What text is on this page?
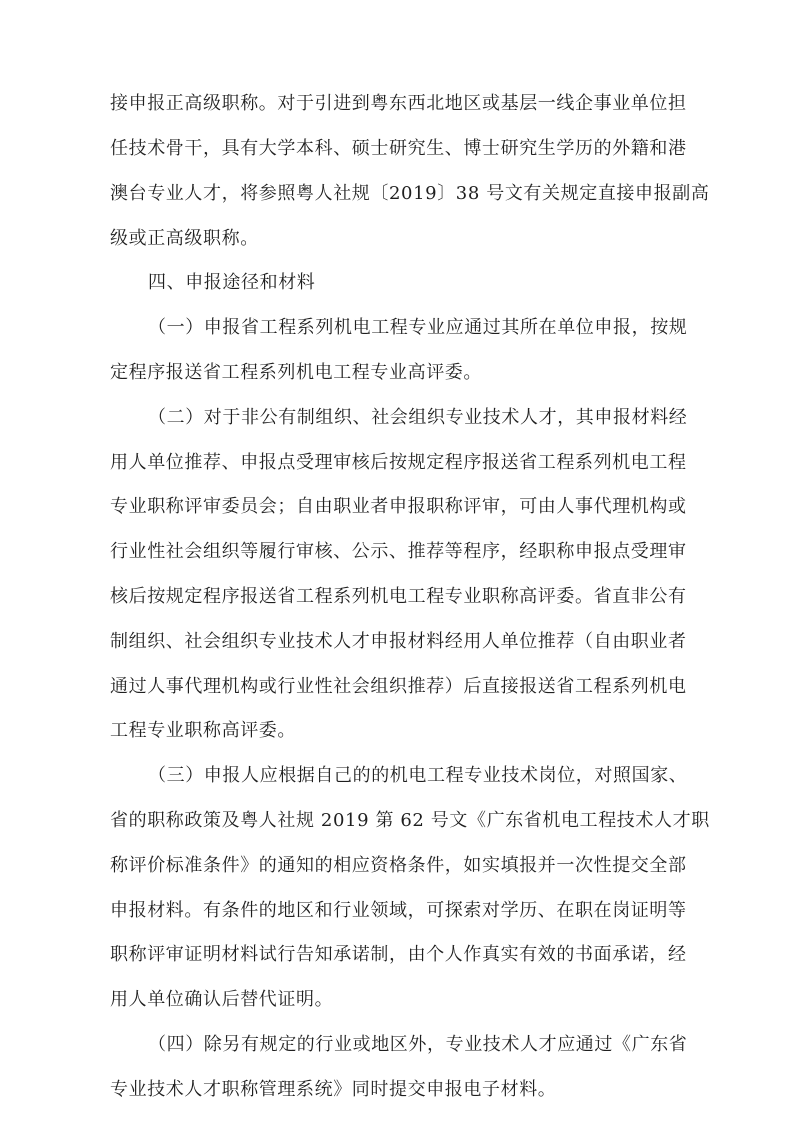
接申报正高级职称。对于引进到粤东西北地区或基层一线企事业单位担
任技术骨干，具有大学本科、硕士研究生、博士研究生学历的外籍和港
澳台专业人才，将参照粤人社规〔2019〕38 号文有关规定直接申报副高
级或正高级职称。
四、申报途径和材料
（一）申报省工程系列机电工程专业应通过其所在单位申报，按规
定程序报送省工程系列机电工程专业高评委。
（二）对于非公有制组织、社会组织专业技术人才，其申报材料经
用人单位推荐、申报点受理审核后按规定程序报送省工程系列机电工程
专业职称评审委员会；自由职业者申报职称评审，可由人事代理机构或
行业性社会组织等履行审核、公示、推荐等程序，经职称申报点受理审
核后按规定程序报送省工程系列机电工程专业职称高评委。省直非公有
制组织、社会组织专业技术人才申报材料经用人单位推荐（自由职业者
通过人事代理机构或行业性社会组织推荐）后直接报送省工程系列机电
工程专业职称高评委。
（三）申报人应根据自己的的机电工程专业技术岗位，对照国家、
省的职称政策及粤人社规 2019 第 62 号文《广东省机电工程技术人才职
称评价标准条件》的通知的相应资格条件，如实填报并一次性提交全部
申报材料。有条件的地区和行业领域，可探索对学历、在职在岗证明等
职称评审证明材料试行告知承诺制，由个人作真实有效的书面承诺，经
用人单位确认后替代证明。
（四）除另有规定的行业或地区外，专业技术人才应通过《广东省
专业技术人才职称管理系统》同时提交申报电子材料。
